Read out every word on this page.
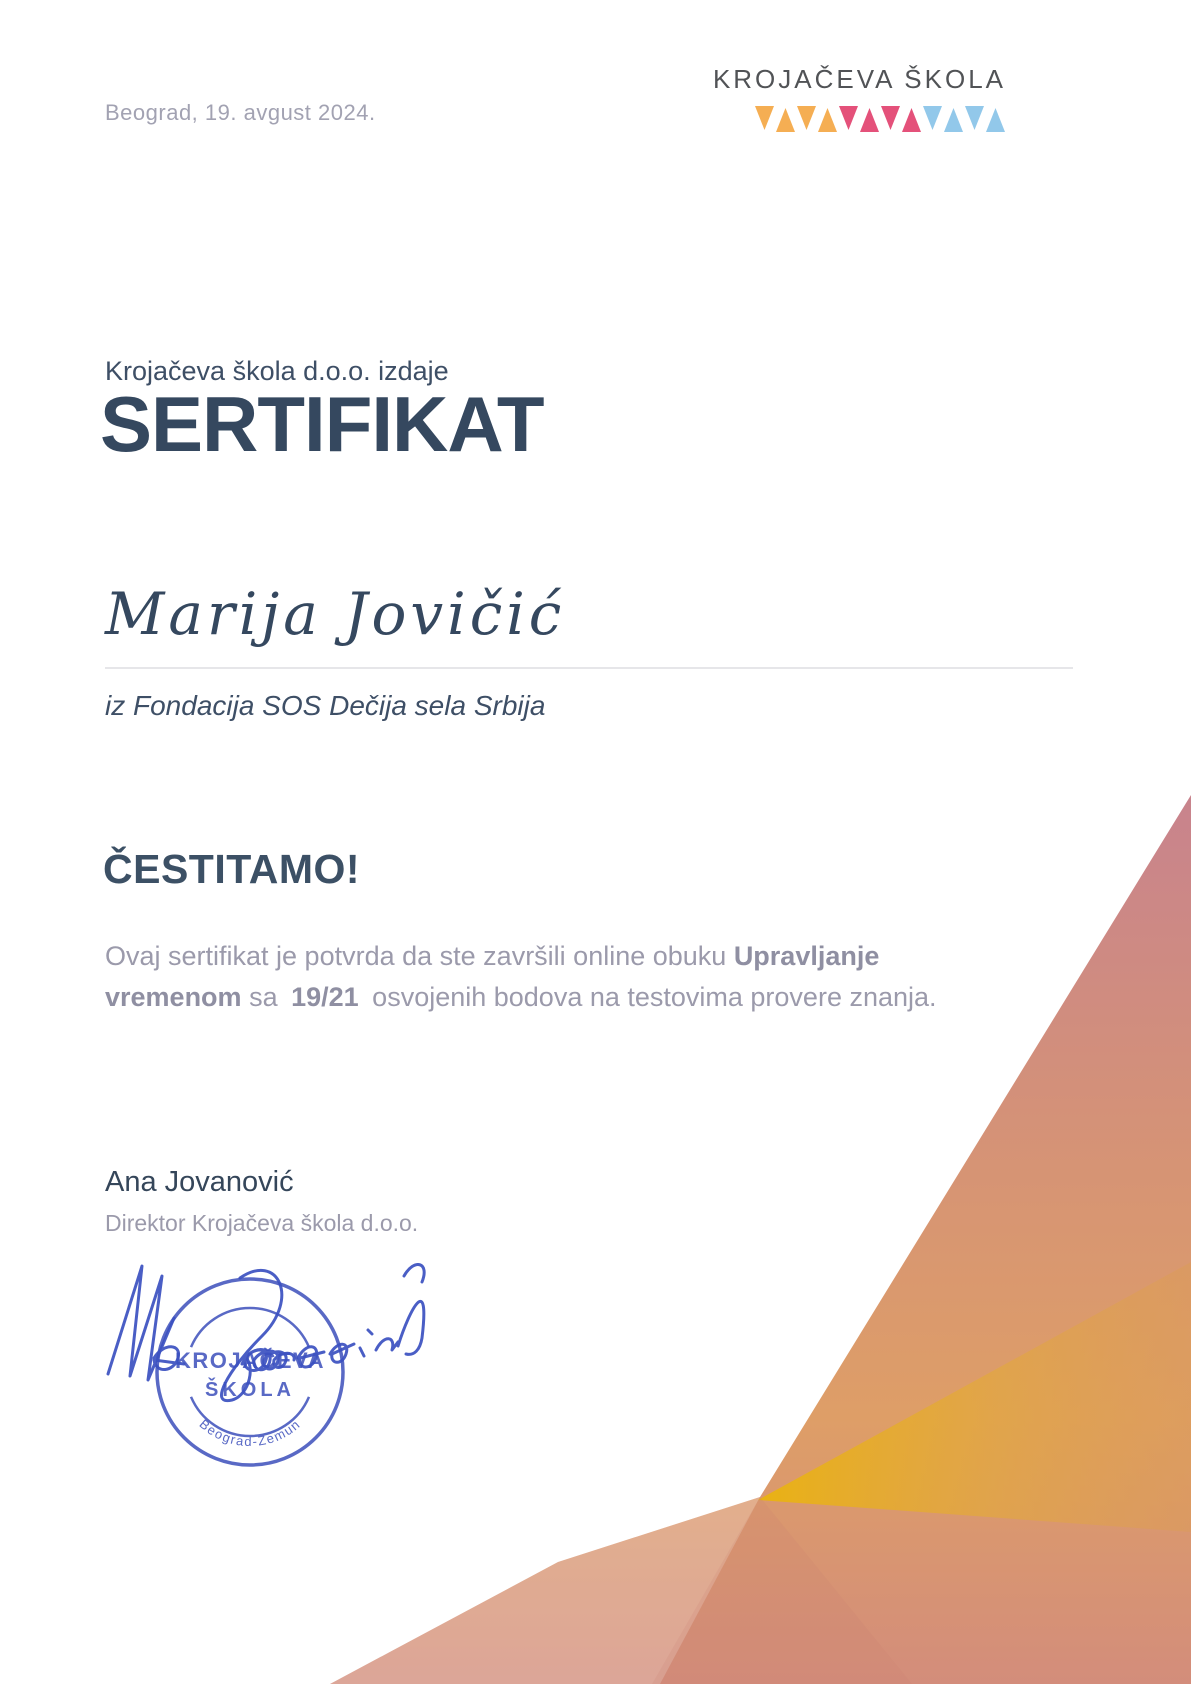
Beograd, 19. avgust 2024.
KROJAČEVA ŠKOLA
Krojačeva škola d.o.o. izdaje
SERTIFIKAT
Marija Jovičić
iz Fondacija SOS Dečija sela Srbija
ČESTITAMO!
Ovaj sertifikat je potvrda da ste završili online obuku Upravljanje vremenom sa 19/21 osvojenih bodova na testovima provere znanja.
Ana Jovanović
Direktor Krojačeva škola d.o.o.
KROJAČEVA
ŠKOLA
Beograd-Zemun
